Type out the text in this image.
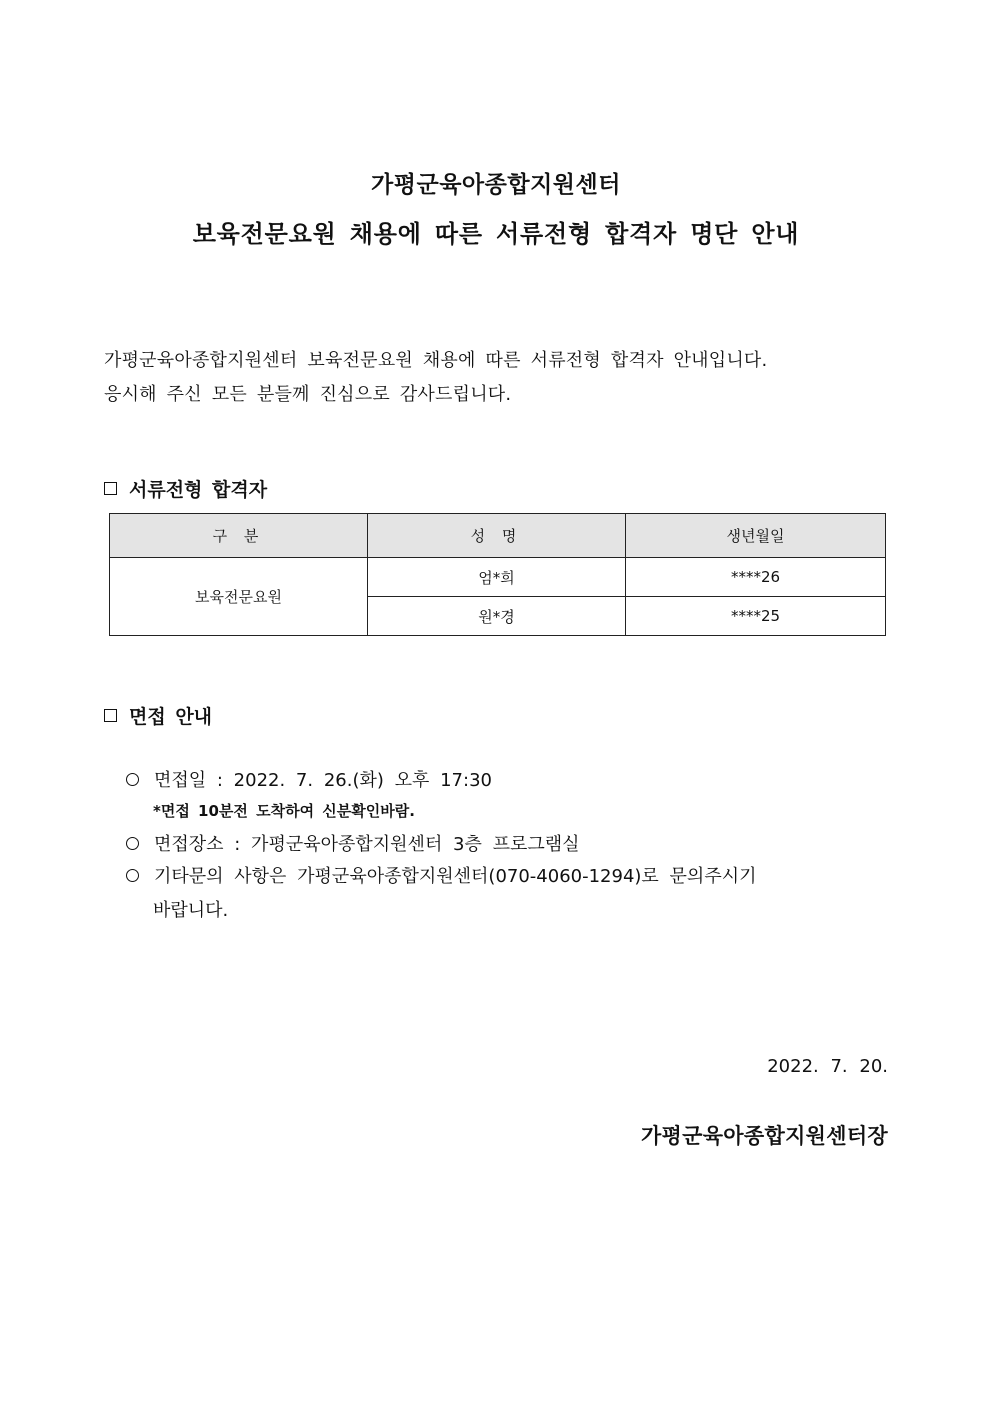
가평군육아종합지원센터
보육전문요원 채용에 따른 서류전형 합격자 명단 안내
가평군육아종합지원센터 보육전문요원 채용에 따른 서류전형 합격자 안내입니다.
응시해 주신 모든 분들께 진심으로 감사드립니다.
서류전형 합격자
구 분	성 명	생년월일
보육전문요원	엄*희	****26
	원*경	****25
면접 안내
면접일 : 2022. 7. 26.(화) 오후 17:30
*면접 10분전 도착하여 신분확인바람.
면접장소 : 가평군육아종합지원센터 3층 프로그램실
기타문의 사항은 가평군육아종합지원센터(070-4060-1294)로 문의주시기
바랍니다.
2022. 7. 20.
가평군육아종합지원센터장
